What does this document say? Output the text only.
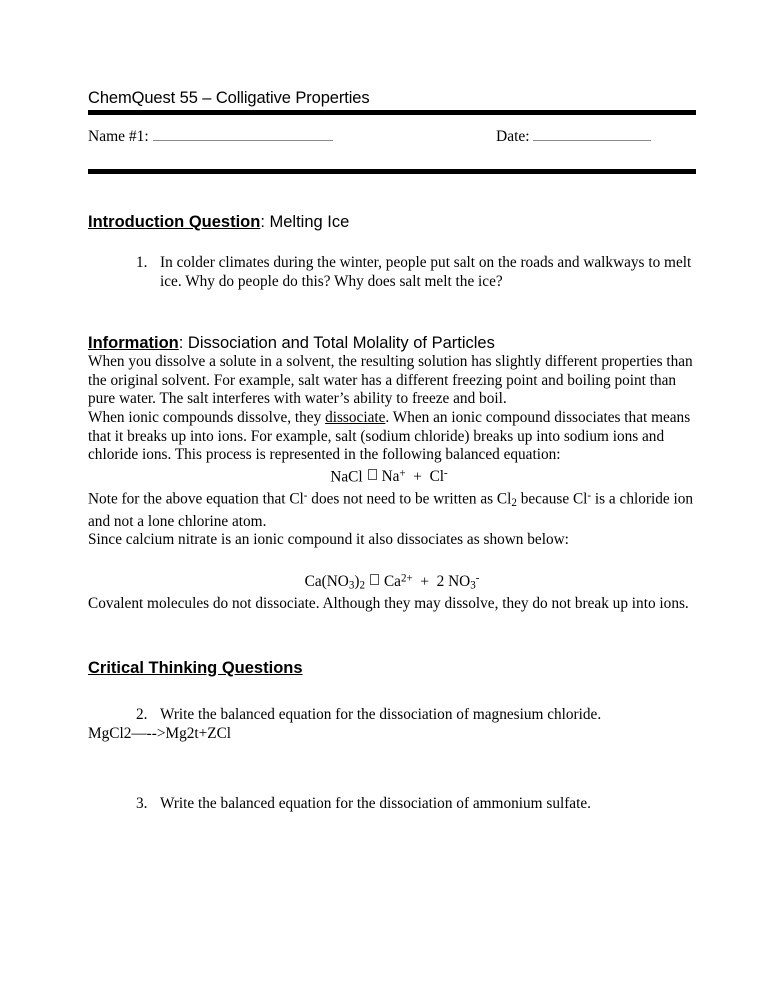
ChemQuest 55 – Colligative Properties
Name #1:	Date:
Introduction Question: Melting Ice
1. In colder climates during the winter, people put salt on the roads and walkways to melt ice. Why do people do this? Why does salt melt the ice?
Information: Dissociation and Total Molality of Particles

When you dissolve a solute in a solvent, the resulting solution has slightly different properties than the original solvent. For example, salt water has a different freezing point and boiling point than pure water. The salt interferes with water’s ability to freeze and boil.

When ionic compounds dissolve, they dissociate. When an ionic compound dissociates that means that it breaks up into ions. For example, salt (sodium chloride) breaks up into sodium ions and chloride ions. This process is represented in the following balanced equation:

NaCl Na+ + Cl-

Note for the above equation that Cl- does not need to be written as $Cl_2$ because Cl- is a chloride ion and not a lone chlorine atom.

Since calcium nitrate is an ionic compound it also dissociates as shown below:

$Ca(NO_3)_2$ $Ca^{2+} + 2$ $NO_3^-$

Covalent molecules do not dissociate. Although they may dissolve, they do not break up into ions.

Critical Thinking Questions
2. Write the balanced equation for the dissociation of magnesium chloride.
MgCl2—-->Mg2t+ZCl
3. Write the balanced equation for the dissociation of ammonium sulfate.
